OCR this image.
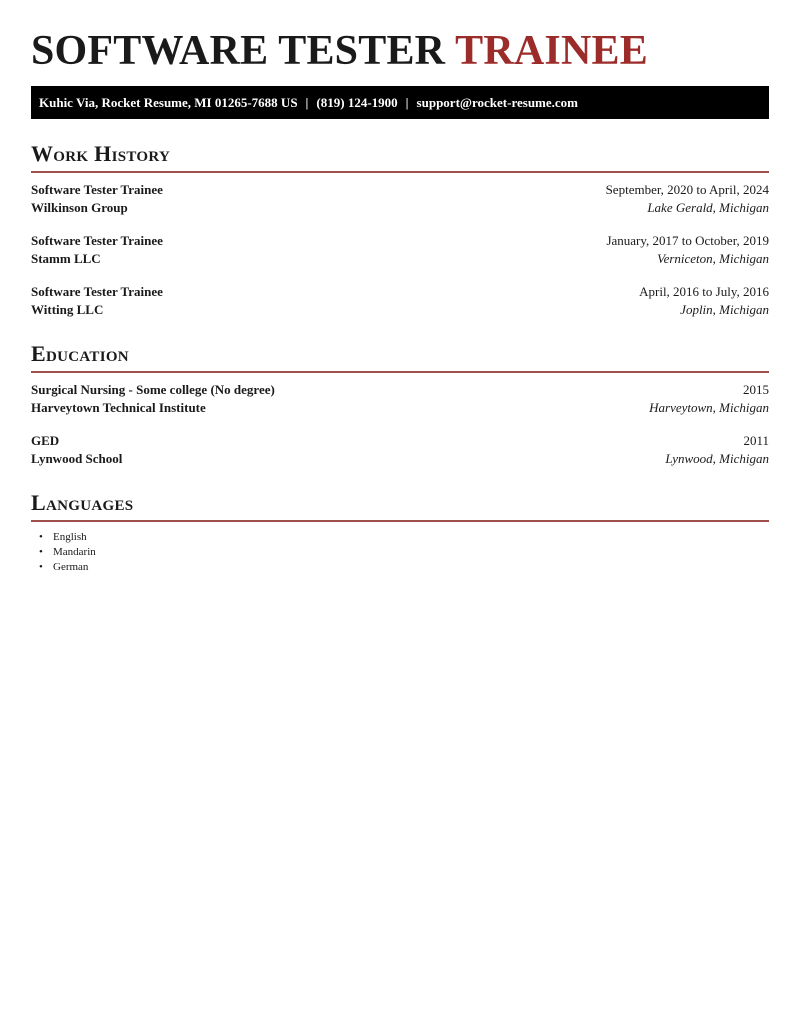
SOFTWARE TESTER TRAINEE
Kuhic Via, Rocket Resume, MI 01265-7688 US | (819) 124-1900 | support@rocket-resume.com
Work History
Software Tester Trainee	September, 2020 to April, 2024
Wilkinson Group	Lake Gerald, Michigan
Software Tester Trainee	January, 2017 to October, 2019
Stamm LLC	Verniceton, Michigan
Software Tester Trainee	April, 2016 to July, 2016
Witting LLC	Joplin, Michigan
Education
Surgical Nursing - Some college (No degree)	2015
Harveytown Technical Institute	Harveytown, Michigan
GED	2011
Lynwood School	Lynwood, Michigan
Languages
• English
• Mandarin
• German
